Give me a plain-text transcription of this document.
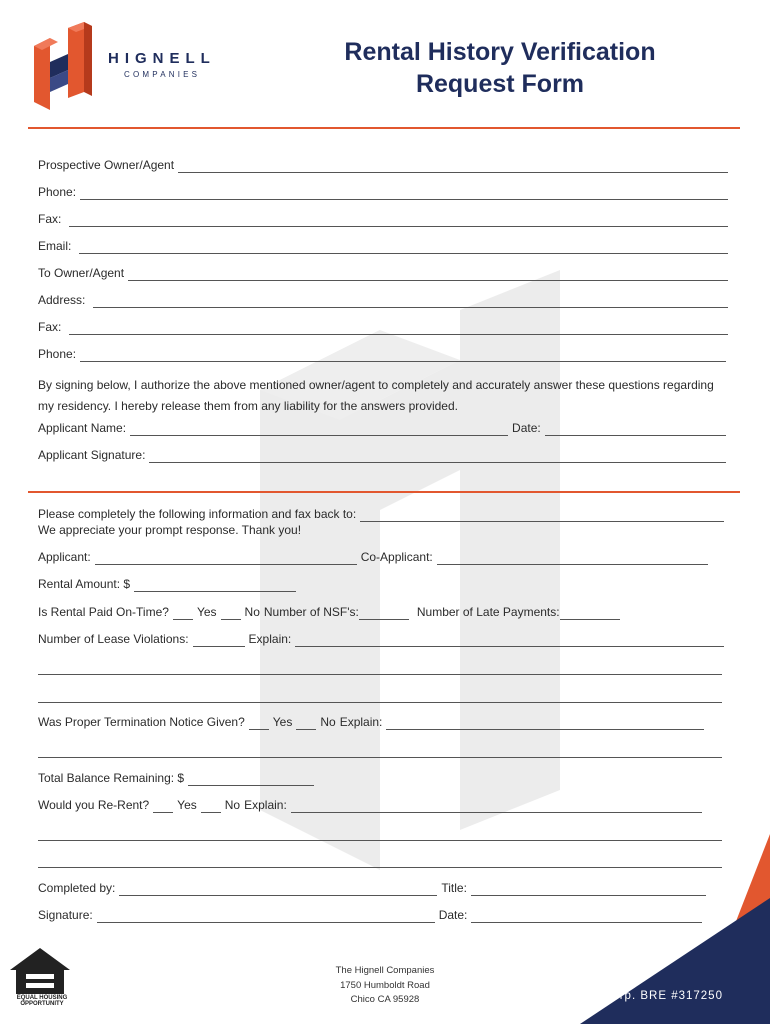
HIGNELL
COMPANIES
Rental History Verification
Request Form
Prospective Owner/Agent
Phone:
Fax:
Email:
To Owner/Agent
Address:
Fax:
Phone:
By signing below, I authorize the above mentioned owner/agent to completely and accurately answer these questions regarding my residency. I hereby release them from any liability for the answers provided.
Applicant Name:	Date:
Applicant Signature:
Please completely the following information and fax back to:
We appreciate your prompt response. Thank you!
Applicant:	Co-Applicant:
Rental Amount: $
Is Rental Paid On-Time? Yes No Number of NSF's:	Number of Late Payments:
Number of Lease Violations:	Explain:
Was Proper Termination Notice Given? Yes No Explain:
Total Balance Remaining: $
Would you Re-Rent? Yes No Explain:
Completed by:	Title:
Signature:	Date:
EQUAL HOUSING
OPPORTUNITY
The Hignell Companies
1750 Humboldt Road
Chico CA 95928	Corp. BRE #317250
